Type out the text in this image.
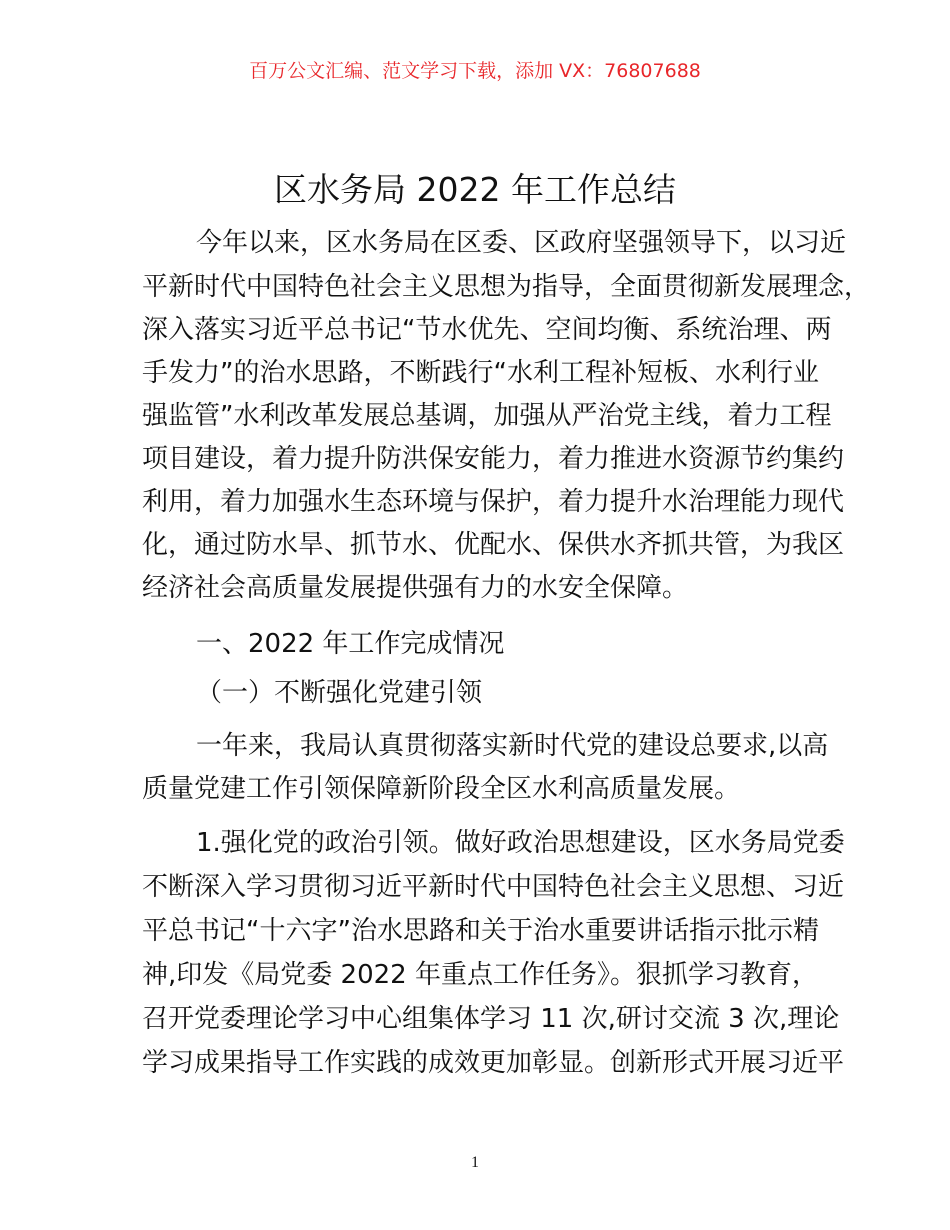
百万公文汇编、范文学习下载，添加 VX：76807688
区水务局 2022 年工作总结
今年以来，区水务局在区委、区政府坚强领导下，以习近
平新时代中国特色社会主义思想为指导，全面贯彻新发展理念，
深入落实习近平总书记“节水优先、空间均衡、系统治理、两
手发力”的治水思路，不断践行“水利工程补短板、水利行业
强监管”水利改革发展总基调，加强从严治党主线，着力工程
项目建设，着力提升防洪保安能力，着力推进水资源节约集约
利用，着力加强水生态环境与保护，着力提升水治理能力现代
化，通过防水旱、抓节水、优配水、保供水齐抓共管，为我区
经济社会高质量发展提供强有力的水安全保障。
一、2022 年工作完成情况
（一）不断强化党建引领
一年来，我局认真贯彻落实新时代党的建设总要求,以高
质量党建工作引领保障新阶段全区水利高质量发展。
1.强化党的政治引领。做好政治思想建设，区水务局党委
不断深入学习贯彻习近平新时代中国特色社会主义思想、习近
平总书记“十六字”治水思路和关于治水重要讲话指示批示精
神,印发《局党委 2022 年重点工作任务》。狠抓学习教育，
召开党委理论学习中心组集体学习 11 次,研讨交流 3 次,理论
学习成果指导工作实践的成效更加彰显。创新形式开展习近平
1
